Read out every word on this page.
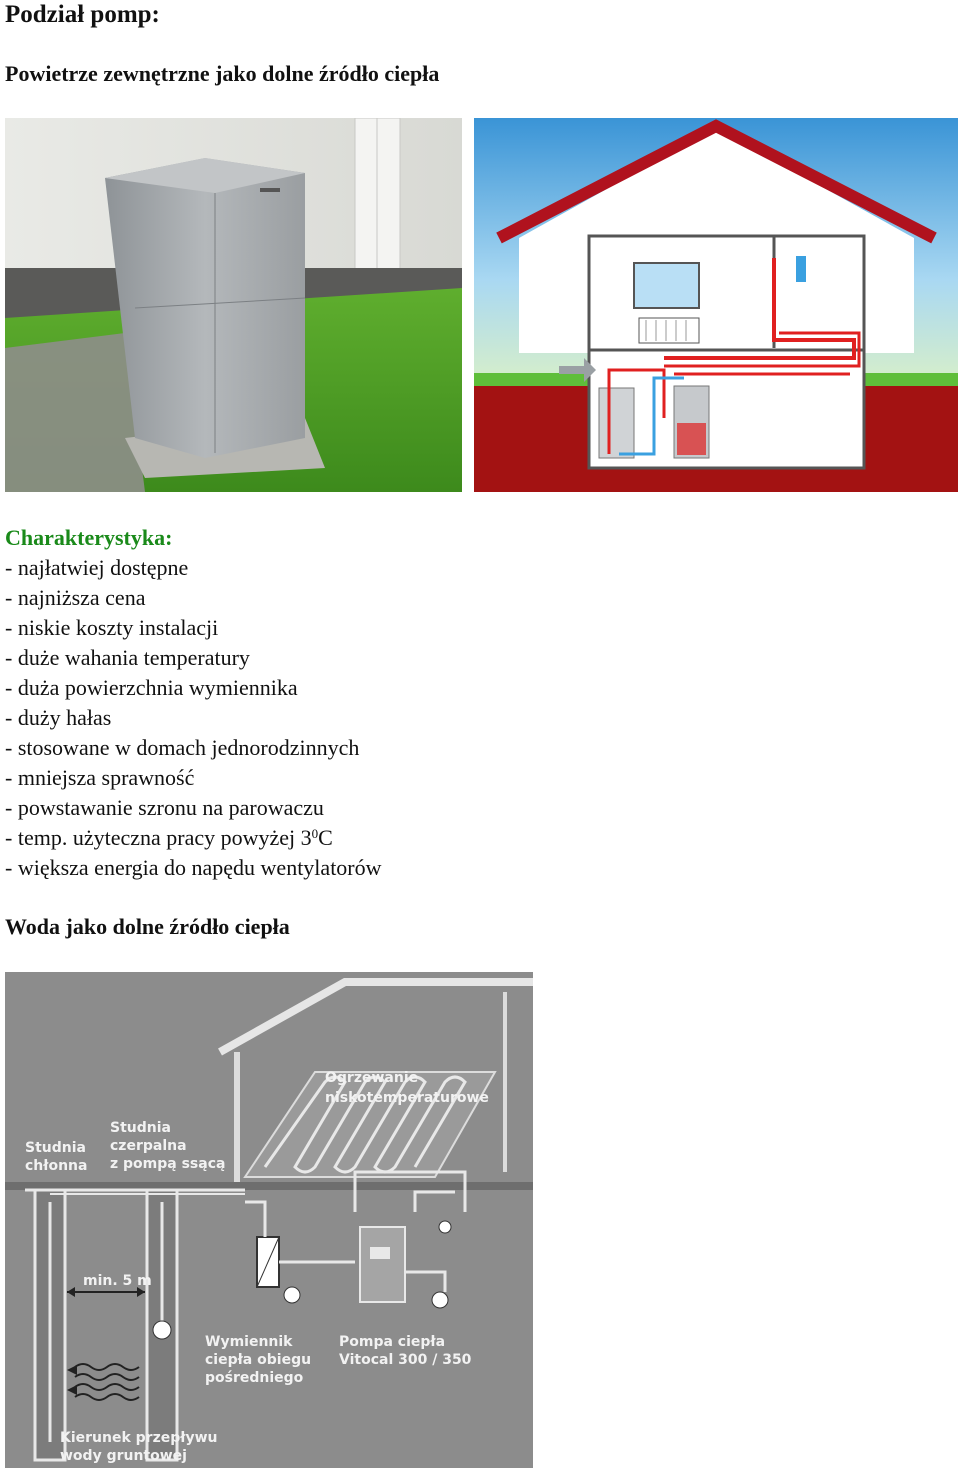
Podział pomp:
Powietrze zewnętrzne jako dolne źródło ciepła
Charakterystyka:
- najłatwiej dostępne
- najniższa cena
- niskie koszty instalacji
- duże wahania temperatury
- duża powierzchnia wymiennika
- duży hałas
- stosowane w domach jednorodzinnych
- mniejsza sprawność
- powstawanie szronu na parowaczu
- temp. użyteczna pracy powyżej $3^0C$
- większa energia do napędu wentylatorów
Woda jako dolne źródło ciepła
Ogrzewanie
niskotemperaturowe
Studnia
chłonna
Studnia
czerpalna
z pompą ssącą
min. 5 m
Wymiennik
ciepła obiegu
pośredniego
Pompa ciepła
Vitocal 300 / 350
Kierunek przepływu
wody gruntowej
